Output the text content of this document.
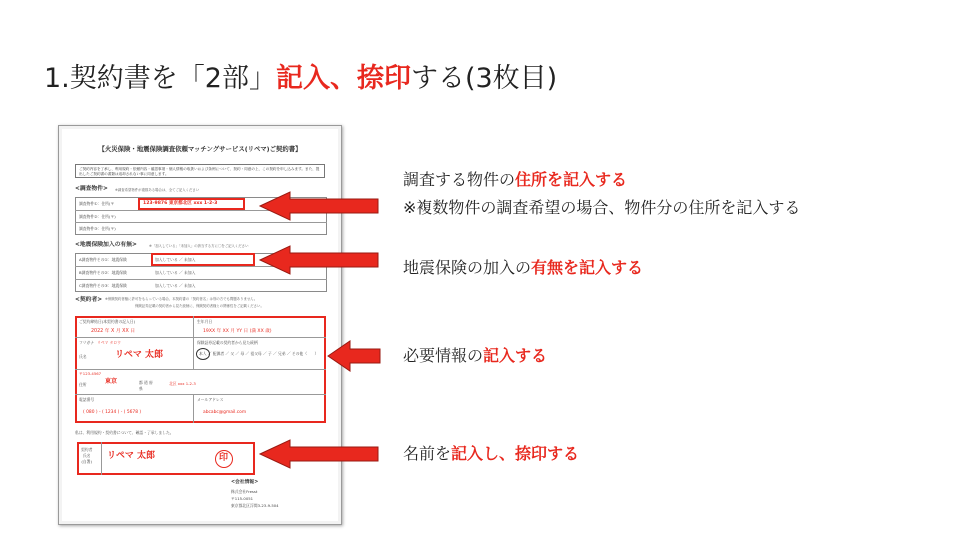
1.契約書を「2部」記入、捺印する(3枚目)
【火災保険・地震保険調査依頼マッチングサービス(リペマ)ご契約書】
ご契約内容を了承し、利用規約・依頼内容・確認事項・個人情報の取扱いおよび条例について、契約・同意の上、この契約を申し込みます。また、提出したご契約書の書類は返却されない事に同意します。
<調査物件> ※調査希望物件が複数ある場合は、全てご記入ください
調査物件①：住所(〒	123-9876 東京都北区 xxx 1-2-3
調査物件②：住所(〒)
調査物件③：住所(〒)
<地震保険加入の有無>	※「加入している」「未加入」の該当する方に〇をご記入ください
A調査物件その①：地震保険	加入している ／ 未加入
B調査物件その②：地震保険	加入している ／ 未加入
C調査物件その③：地震保険	加入している ／ 未加入
<契約者> ※保険契約者様に許可をもらっている場合、本契約書の「契約者名」は別の方でも問題ありません。
保険証券記載の契約者から見た続柄に、保険契約者様との関係性をご記載ください。
ご契約締結日(本契約書の記入日)
2022 年 X 月 XX 日
生年月日
19XX 年 XX 月 YY 日 (満 XX 歳)
フリガナ リペマ タロウ
氏名	リペマ 太郎
保険証券記載の契約者から見た続柄
本人 ／ 配偶者 ／ 父 ／ 母 ／ 祖父母 ／ 子 ／ 兄弟 ／ その他（　　）
〒123-4567
住所	東京	都 道 府 県
北区 xxx 1-2-3
電話番号
( 080 ) - ( 1234 ) - ( 5678 )
メールアドレス
abcabc@gmail.com
私は、利用規約・契約書について、確認・了承しました。
契約者
氏名
(自署)
リペマ 太郎	印
<会社情報>
株式会社Fresst
〒115-0051
東京都北区浮間3-23-9-504
調査する物件の住所を記入する
※複数物件の調査希望の場合、物件分の住所を記入する
地震保険の加入の有無を記入する
必要情報の記入する
名前を記入し、捺印する
